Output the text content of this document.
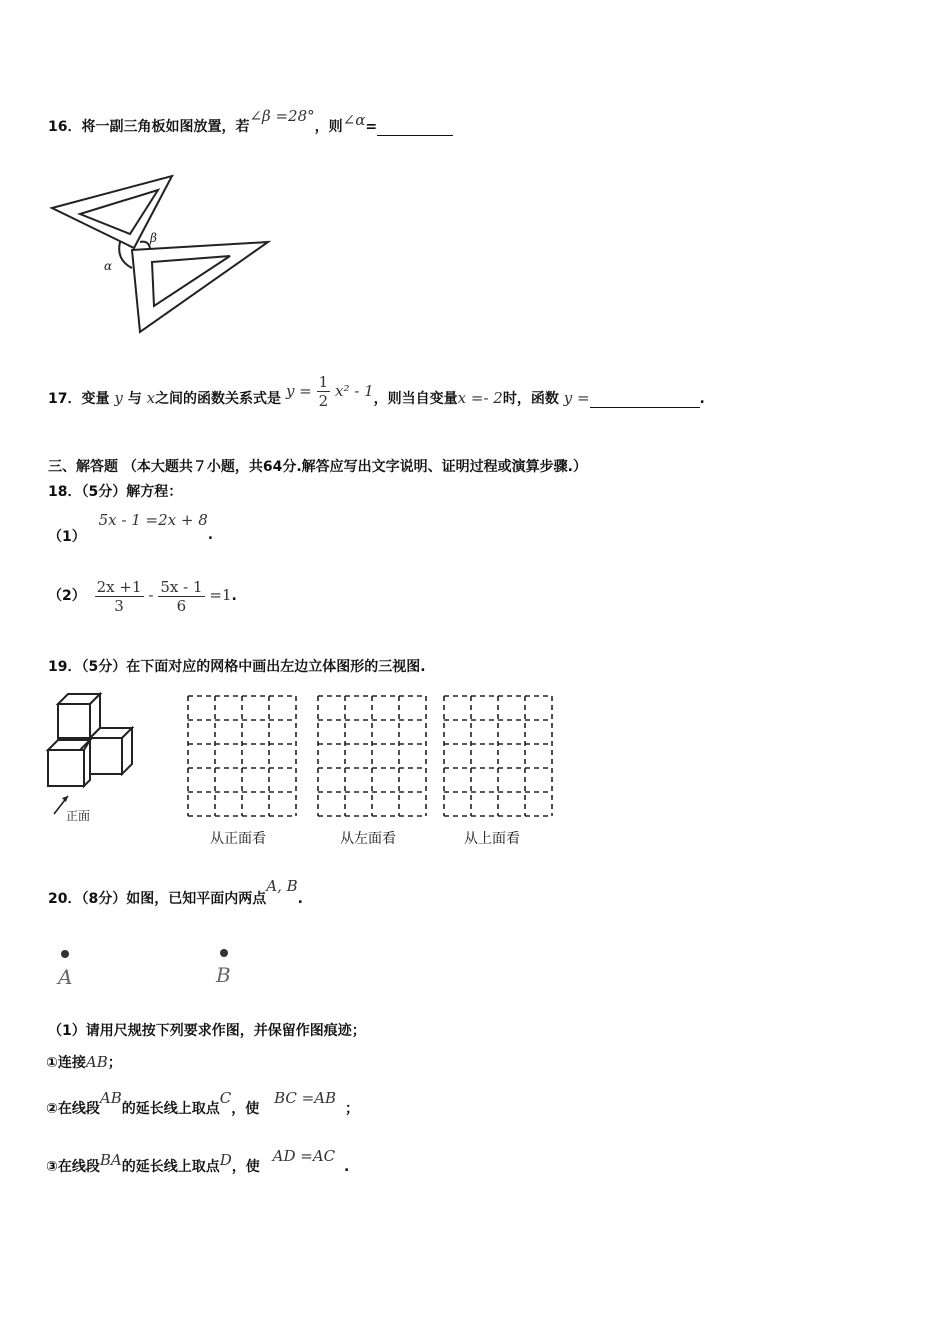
16．将一副三角板如图放置，若∠β =28°，则∠α=
α
β
17．变量 y 与 x之间的函数关系式是 $y = \frac{1}{2} x^2 - 1$，则当自变量x =- 2时，函数 y =	.
三、解答题 （本大题共７小题，共64分.解答应写出文字说明、证明过程或演算步骤.）
18．（5分）解方程：
（1） 5x - 1 =2x + 8.
$(2) \frac{2x +1}{3} - \frac{5x - 1}{6} =1$.
19．（5分）在下面对应的网格中画出左边立体图形的三视图.
正面
从正面看	从左面看	从上面看
20．（8分）如图，已知平面内两点A, B.
A	B
（1）请用尺规按下列要求作图，并保留作图痕迹；
①连接AB；
②在线段AB的延长线上取点C，使 BC =AB ；
③在线段BA的延长线上取点D，使 AD =AC .
